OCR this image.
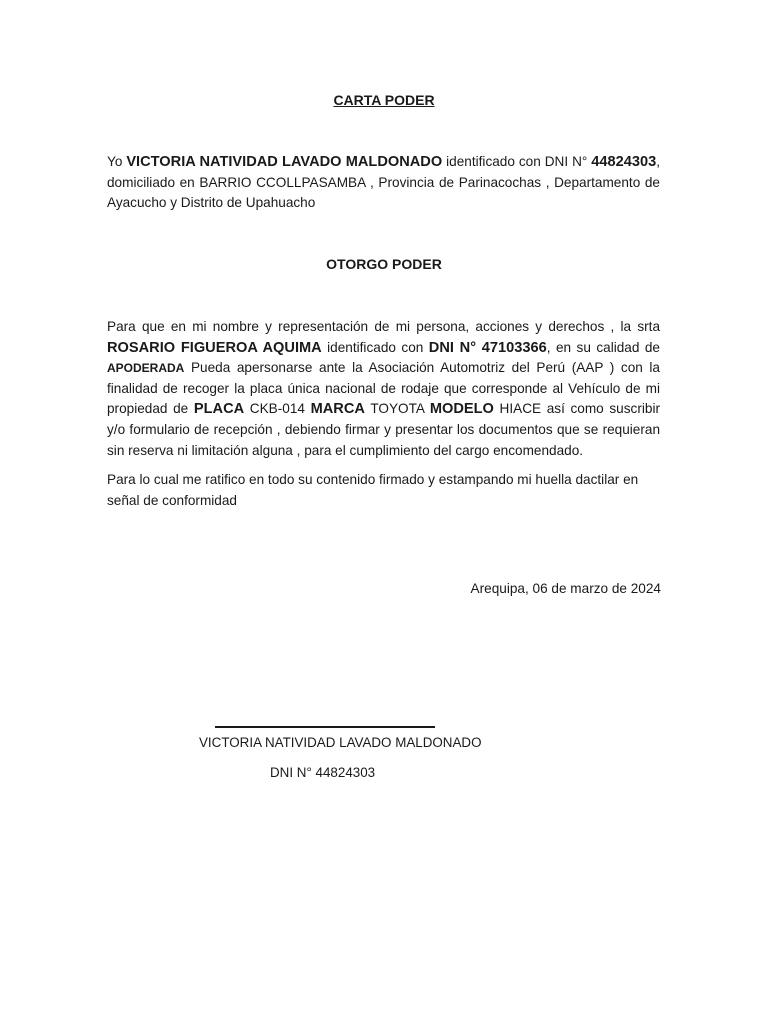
CARTA PODER
Yo VICTORIA NATIVIDAD LAVADO MALDONADO identificado con DNI N° 44824303, domiciliado en BARRIO CCOLLPASAMBA , Provincia de Parinacochas , Departamento de Ayacucho y Distrito de Upahuacho
OTORGO PODER
Para que en mi nombre y representación de mi persona, acciones y derechos , la srta ROSARIO FIGUEROA AQUIMA identificado con DNI N° 47103366, en su calidad de APODERADA Pueda apersonarse ante la Asociación Automotriz del Perú (AAP ) con la finalidad de recoger la placa única nacional de rodaje que corresponde al Vehículo de mi propiedad de PLACA CKB-014 MARCA TOYOTA MODELO HIACE así como suscribir y/o formulario de recepción , debiendo firmar y presentar los documentos que se requieran sin reserva ni limitación alguna , para el cumplimiento del cargo encomendado.
Para lo cual me ratifico en todo su contenido firmado y estampando mi huella dactilar en señal de conformidad
Arequipa, 06 de marzo de 2024
VICTORIA NATIVIDAD LAVADO MALDONADO
DNI N° 44824303
